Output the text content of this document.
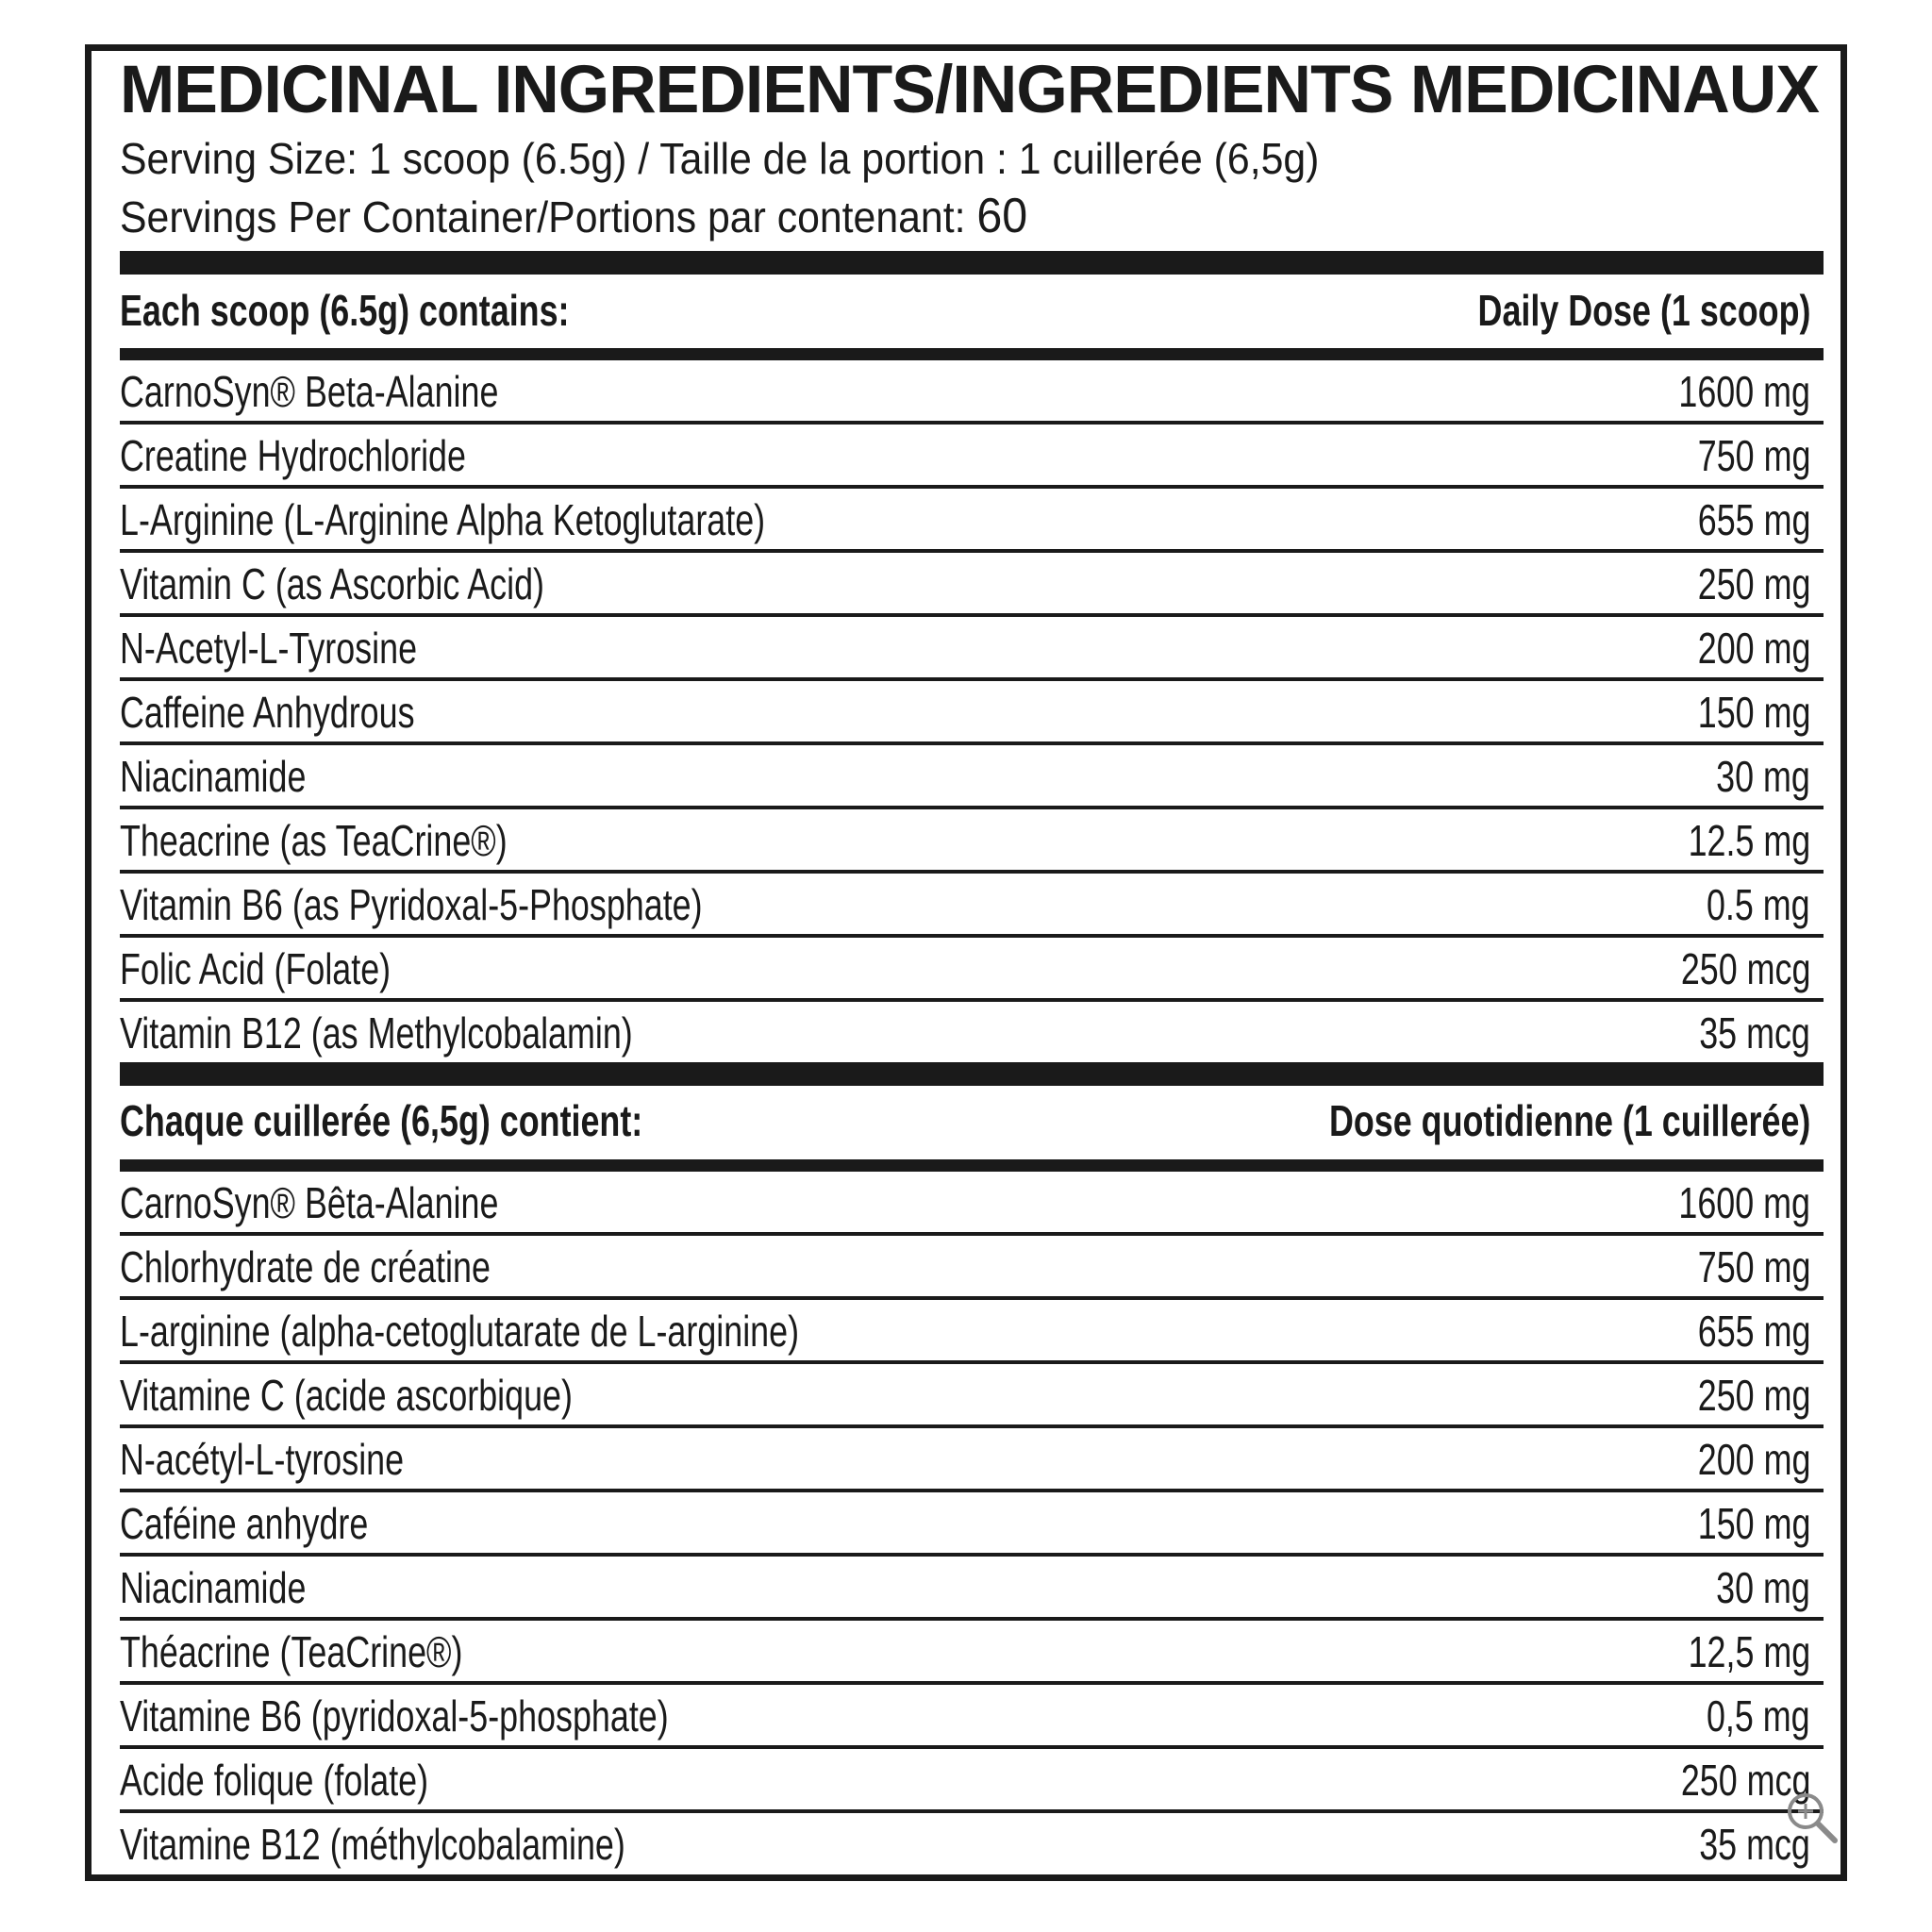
MEDICINAL INGREDIENTS/INGREDIENTS MEDICINAUX
Serving Size: 1 scoop (6.5g) / Taille de la portion : 1 cuillerée (6,5g)
Servings Per Container/Portions par contenant: 60
Each scoop (6.5g) contains:	Daily Dose (1 scoop)
CarnoSyn® Beta-Alanine	1600 mg
Creatine Hydrochloride	750 mg
L-Arginine (L-Arginine Alpha Ketoglutarate)	655 mg
Vitamin C (as Ascorbic Acid)	250 mg
N-Acetyl-L-Tyrosine	200 mg
Caffeine Anhydrous	150 mg
Niacinamide	30 mg
Theacrine (as TeaCrine®)	12.5 mg
Vitamin B6 (as Pyridoxal-5-Phosphate)	0.5 mg
Folic Acid (Folate)	250 mcg
Vitamin B12 (as Methylcobalamin)	35 mcg
Chaque cuillerée (6,5g) contient:	Dose quotidienne (1 cuillerée)
CarnoSyn® Bêta-Alanine	1600 mg
Chlorhydrate de créatine	750 mg
L-arginine (alpha-cetoglutarate de L-arginine)	655 mg
Vitamine C (acide ascorbique)	250 mg
N-acétyl-L-tyrosine	200 mg
Caféine anhydre	150 mg
Niacinamide	30 mg
Théacrine (TeaCrine®)	12,5 mg
Vitamine B6 (pyridoxal-5-phosphate)	0,5 mg
Acide folique (folate)	250 mcg
Vitamine B12 (méthylcobalamine)	35 mcg
